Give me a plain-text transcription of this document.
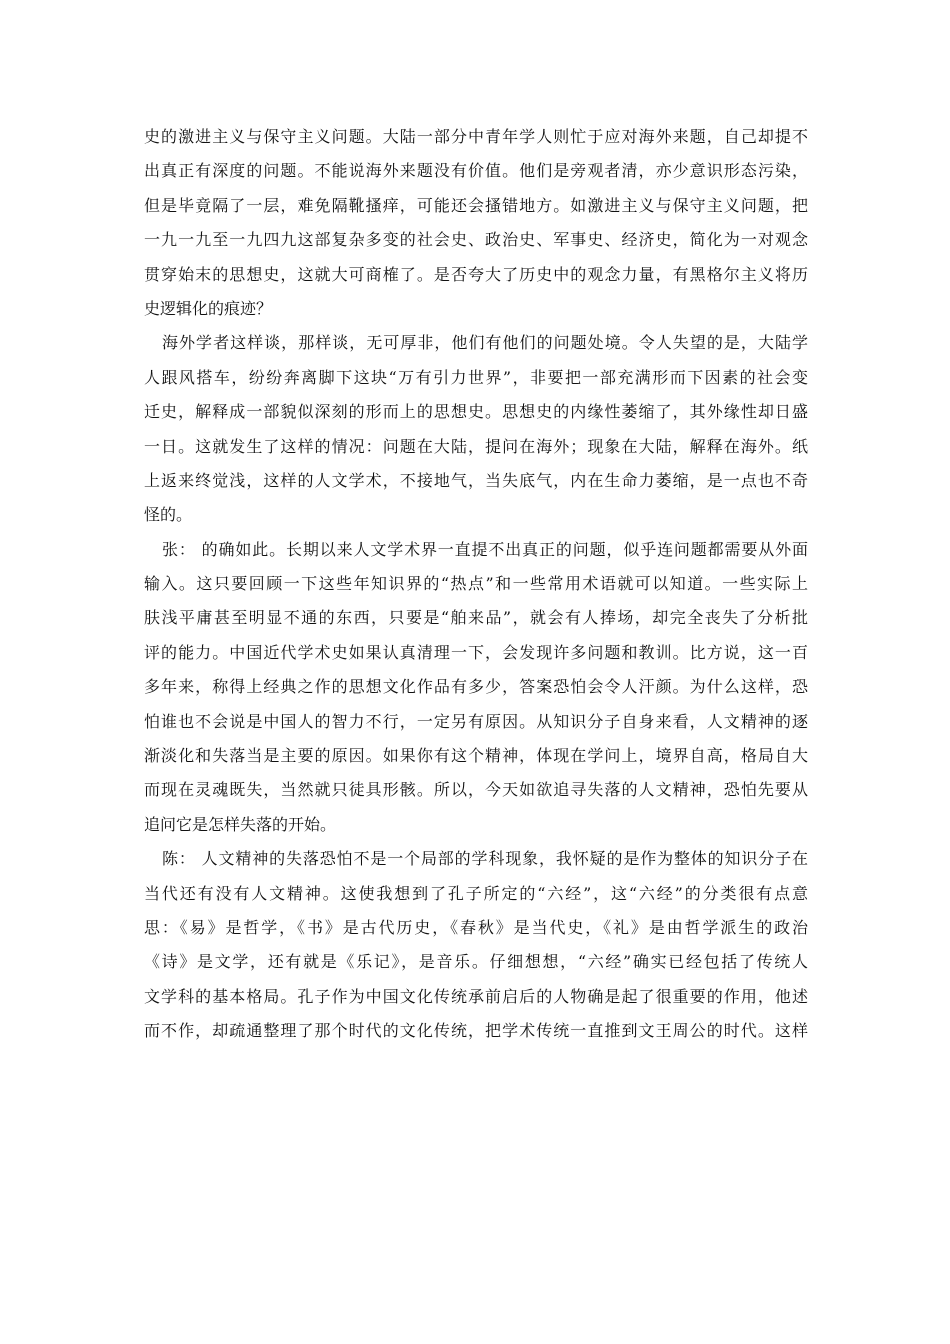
史的激进主义与保守主义问题。大陆一部分中青年学人则忙于应对海外来题，自己却提不
出真正有深度的问题。不能说海外来题没有价值。他们是旁观者清，亦少意识形态污染，
但是毕竟隔了一层，难免隔靴搔痒，可能还会搔错地方。如激进主义与保守主义问题，把
一九一九至一九四九这部复杂多变的社会史、政治史、军事史、经济史，简化为一对观念
贯穿始末的思想史，这就大可商榷了。是否夸大了历史中的观念力量，有黑格尔主义将历
史逻辑化的痕迹？
海外学者这样谈，那样谈，无可厚非，他们有他们的问题处境。令人失望的是，大陆学
人跟风搭车，纷纷奔离脚下这块“万有引力世界”，非要把一部充满形而下因素的社会变
迁史，解释成一部貌似深刻的形而上的思想史。思想史的内缘性萎缩了，其外缘性却日盛
一日。这就发生了这样的情况：问题在大陆，提问在海外；现象在大陆，解释在海外。纸
上返来终觉浅，这样的人文学术，不接地气，当失底气，内在生命力萎缩，是一点也不奇
怪的。
张： 的确如此。长期以来人文学术界一直提不出真正的问题，似乎连问题都需要从外面
输入。这只要回顾一下这些年知识界的“热点”和一些常用术语就可以知道。一些实际上
肤浅平庸甚至明显不通的东西，只要是“舶来品”，就会有人捧场，却完全丧失了分析批
评的能力。中国近代学术史如果认真清理一下，会发现许多问题和教训。比方说，这一百
多年来，称得上经典之作的思想文化作品有多少，答案恐怕会令人汗颜。为什么这样，恐
怕谁也不会说是中国人的智力不行，一定另有原因。从知识分子自身来看，人文精神的逐
渐淡化和失落当是主要的原因。如果你有这个精神，体现在学问上，境界自高，格局自大
而现在灵魂既失，当然就只徒具形骸。所以，今天如欲追寻失落的人文精神，恐怕先要从
追问它是怎样失落的开始。
陈： 人文精神的失落恐怕不是一个局部的学科现象，我怀疑的是作为整体的知识分子在
当代还有没有人文精神。这使我想到了孔子所定的“六经”，这“六经”的分类很有点意
思：《易》是哲学，《书》是古代历史，《春秋》是当代史，《礼》是由哲学派生的政治
《诗》是文学，还有就是《乐记》，是音乐。仔细想想，“六经”确实已经包括了传统人
文学科的基本格局。孔子作为中国文化传统承前启后的人物确是起了很重要的作用，他述
而不作，却疏通整理了那个时代的文化传统，把学术传统一直推到文王周公的时代。这样
